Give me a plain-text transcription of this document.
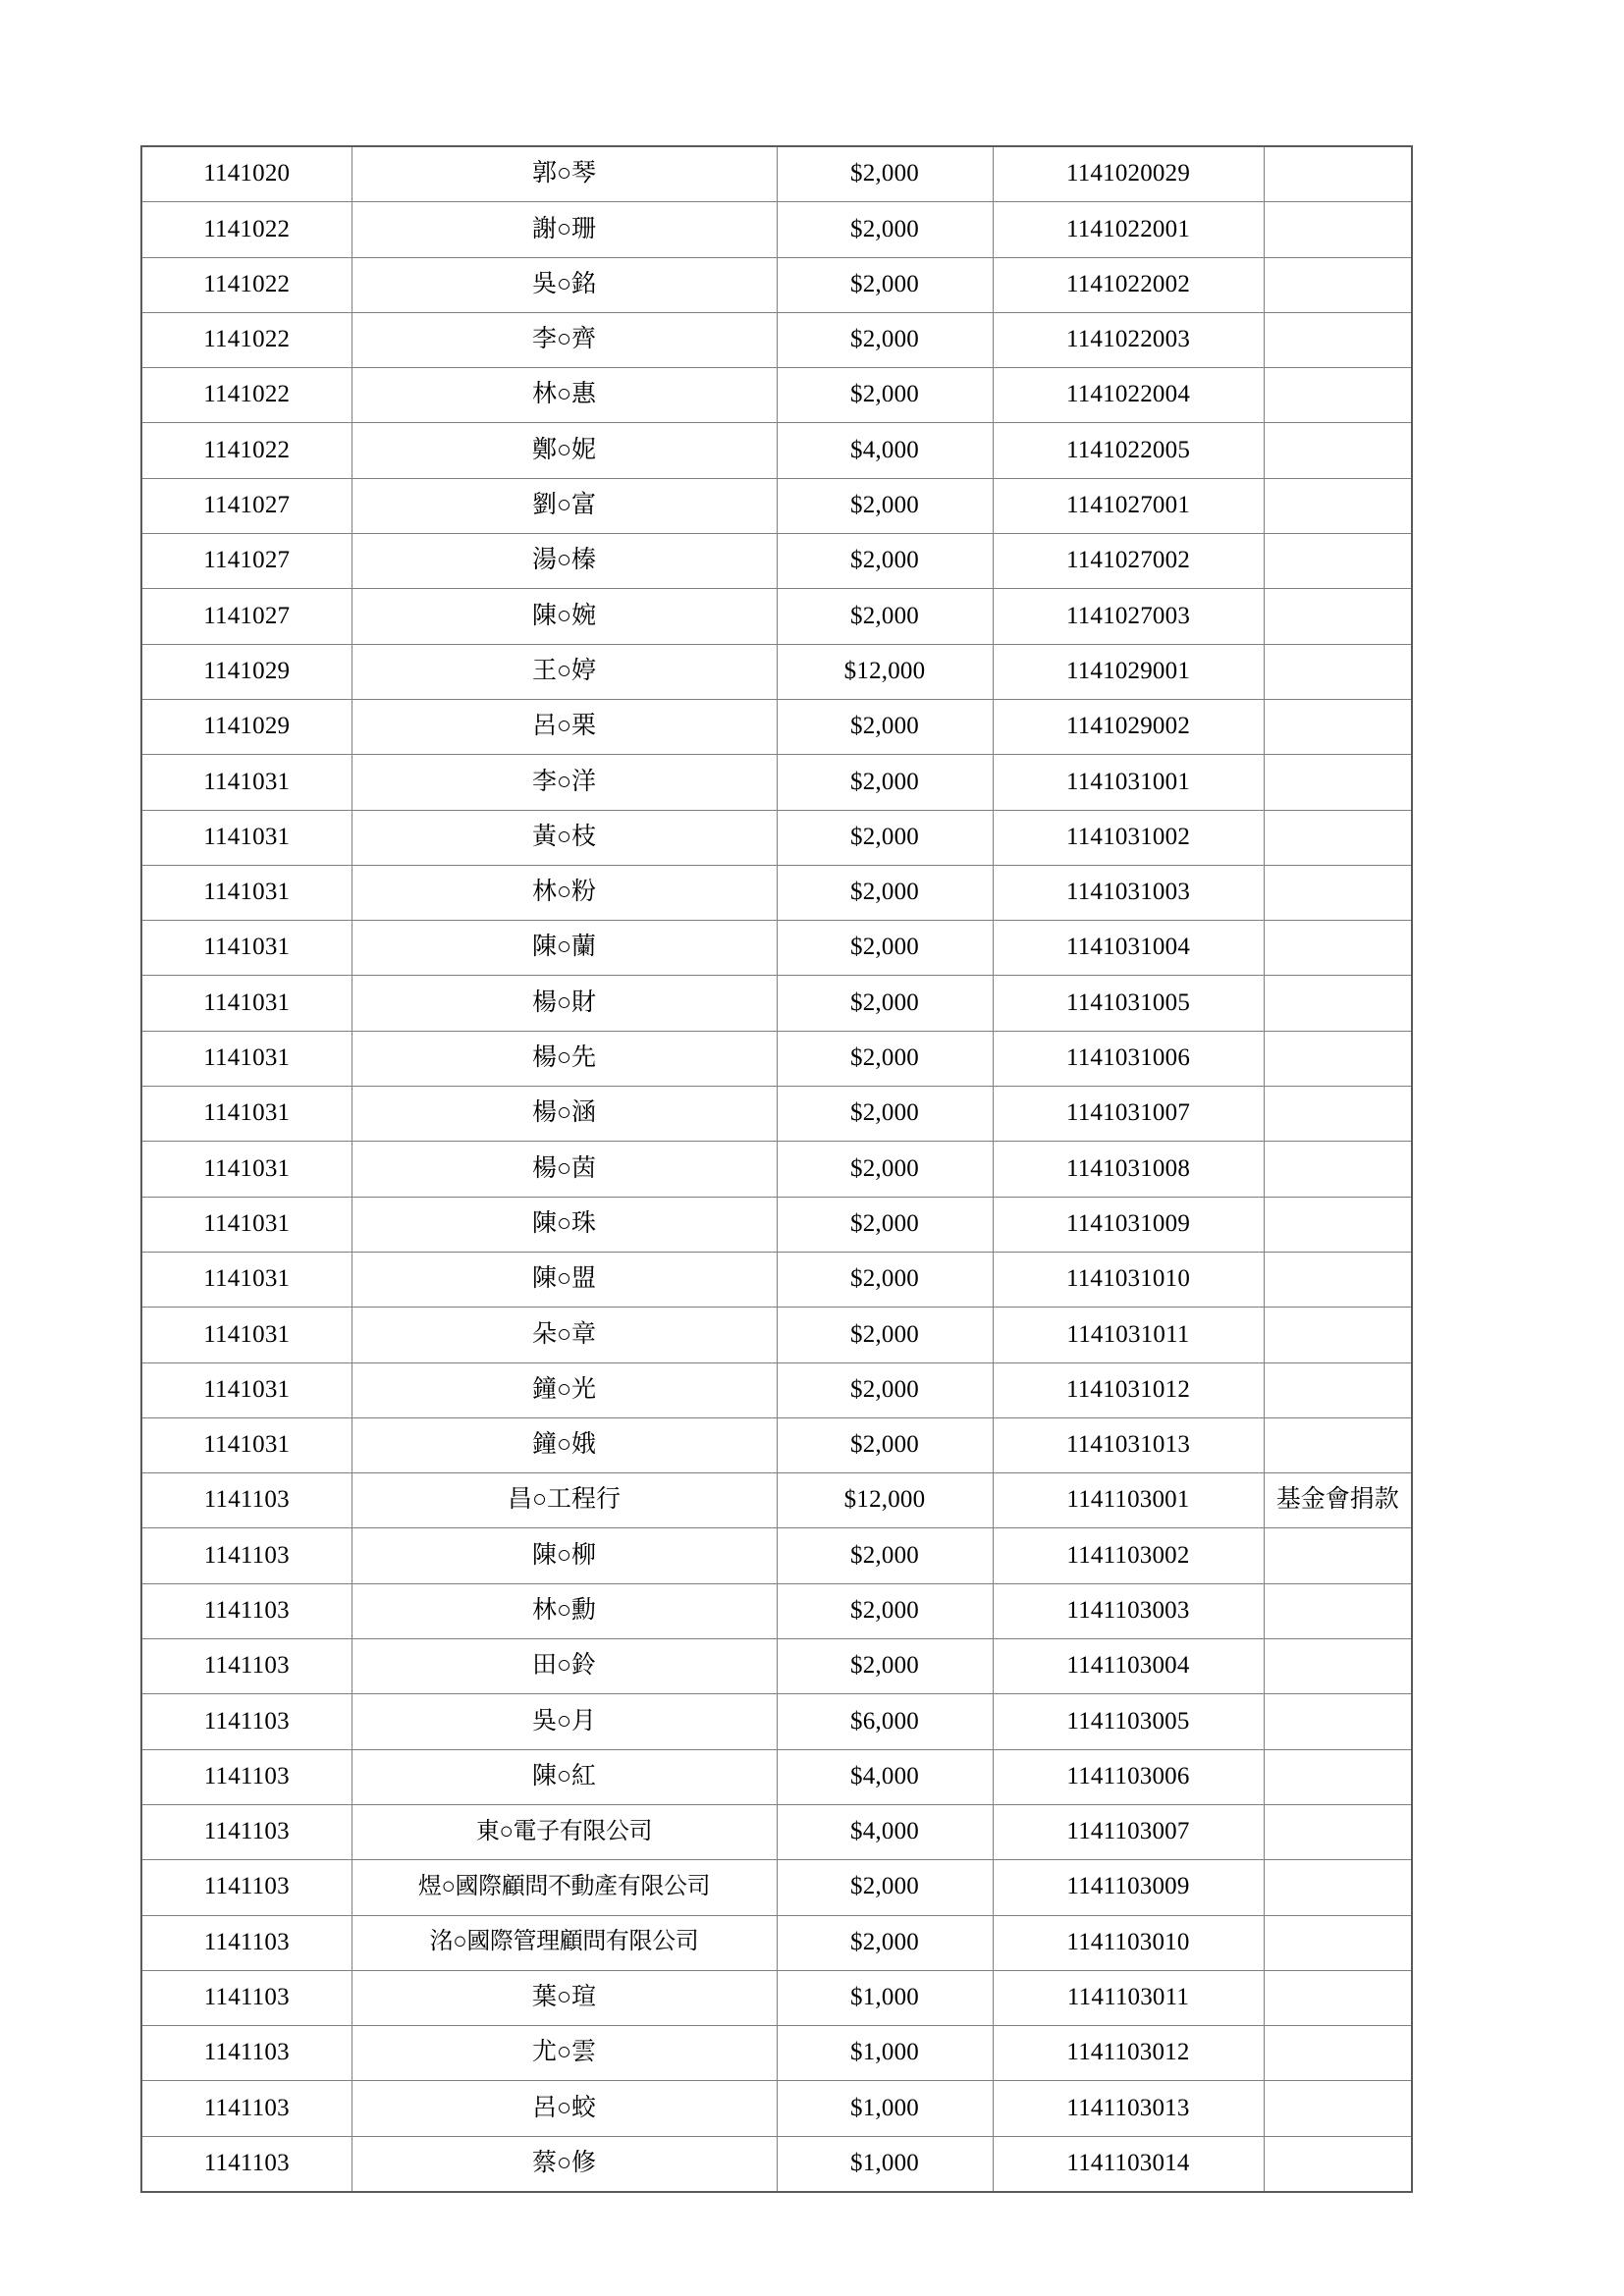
1141020	郭○琴	$2,000	1141020029	
1141022	謝○珊	$2,000	1141022001	
1141022	吳○銘	$2,000	1141022002	
1141022	李○齊	$2,000	1141022003	
1141022	林○惠	$2,000	1141022004	
1141022	鄭○妮	$4,000	1141022005	
1141027	劉○富	$2,000	1141027001	
1141027	湯○榛	$2,000	1141027002	
1141027	陳○婉	$2,000	1141027003	
1141029	王○婷	$12,000	1141029001	
1141029	呂○栗	$2,000	1141029002	
1141031	李○洋	$2,000	1141031001	
1141031	黃○枝	$2,000	1141031002	
1141031	林○粉	$2,000	1141031003	
1141031	陳○蘭	$2,000	1141031004	
1141031	楊○財	$2,000	1141031005	
1141031	楊○先	$2,000	1141031006	
1141031	楊○涵	$2,000	1141031007	
1141031	楊○茵	$2,000	1141031008	
1141031	陳○珠	$2,000	1141031009	
1141031	陳○盟	$2,000	1141031010	
1141031	朵○章	$2,000	1141031011	
1141031	鐘○光	$2,000	1141031012	
1141031	鐘○娥	$2,000	1141031013	
1141103	昌○工程行	$12,000	1141103001	基金會捐款
1141103	陳○柳	$2,000	1141103002	
1141103	林○勳	$2,000	1141103003	
1141103	田○鈴	$2,000	1141103004	
1141103	吳○月	$6,000	1141103005	
1141103	陳○紅	$4,000	1141103006	
1141103	東○電子有限公司	$4,000	1141103007	
1141103	煜○國際顧問不動產有限公司	$2,000	1141103009	
1141103	洺○國際管理顧問有限公司	$2,000	1141103010	
1141103	葉○瑄	$1,000	1141103011	
1141103	尤○雲	$1,000	1141103012	
1141103	呂○蛟	$1,000	1141103013	
1141103	蔡○修	$1,000	1141103014	
